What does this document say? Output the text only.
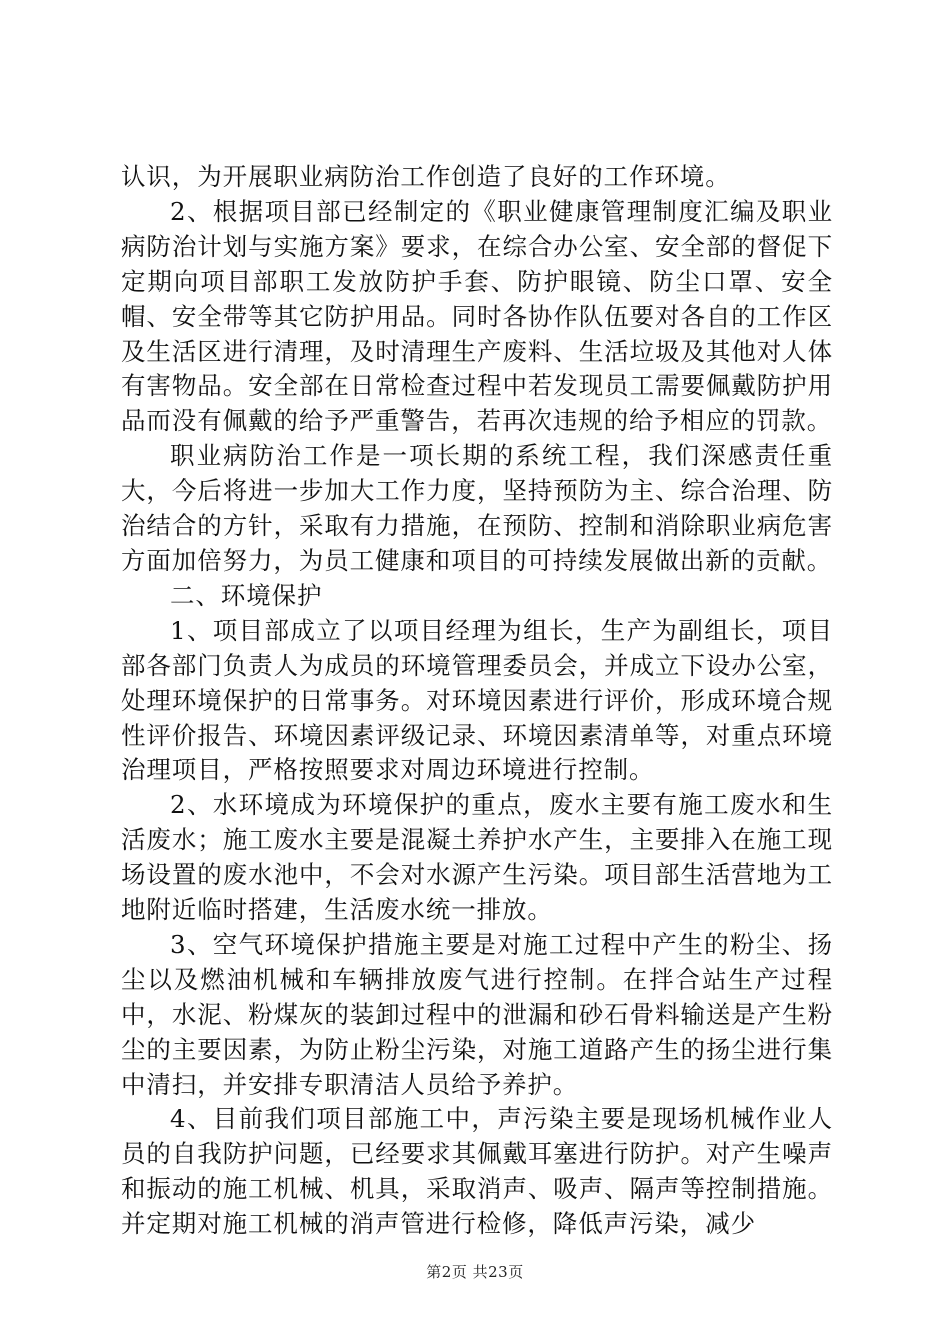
认识，为开展职业病防治工作创造了良好的工作环境。

2、根据项目部已经制定的《职业健康管理制度汇编及职业病防治计划与实施方案》要求，在综合办公室、安全部的督促下定期向项目部职工发放防护手套、防护眼镜、防尘口罩、安全帽、安全带等其它防护用品。同时各协作队伍要对各自的工作区及生活区进行清理，及时清理生产废料、生活垃圾及其他对人体有害物品。安全部在日常检查过程中若发现员工需要佩戴防护用品而没有佩戴的给予严重警告，若再次违规的给予相应的罚款。

职业病防治工作是一项长期的系统工程，我们深感责任重大，今后将进一步加大工作力度，坚持预防为主、综合治理、防治结合的方针，采取有力措施，在预防、控制和消除职业病危害方面加倍努力，为员工健康和项目的可持续发展做出新的贡献。

二、环境保护

1、项目部成立了以项目经理为组长，生产为副组长，项目部各部门负责人为成员的环境管理委员会，并成立下设办公室，处理环境保护的日常事务。对环境因素进行评价，形成环境合规性评价报告、环境因素评级记录、环境因素清单等，对重点环境治理项目，严格按照要求对周边环境进行控制。

2、水环境成为环境保护的重点，废水主要有施工废水和生活废水；施工废水主要是混凝土养护水产生，主要排入在施工现场设置的废水池中，不会对水源产生污染。项目部生活营地为工地附近临时搭建，生活废水统一排放。

3、空气环境保护措施主要是对施工过程中产生的粉尘、扬尘以及燃油机械和车辆排放废气进行控制。在拌合站生产过程中，水泥、粉煤灰的装卸过程中的泄漏和砂石骨料输送是产生粉尘的主要因素，为防止粉尘污染，对施工道路产生的扬尘进行集中清扫，并安排专职清洁人员给予养护。

4、目前我们项目部施工中，声污染主要是现场机械作业人员的自我防护问题，已经要求其佩戴耳塞进行防护。对产生噪声和振动的施工机械、机具，采取消声、吸声、隔声等控制措施。并定期对施工机械的消声管进行检修，降低声污染，减少

第2页 共23页
